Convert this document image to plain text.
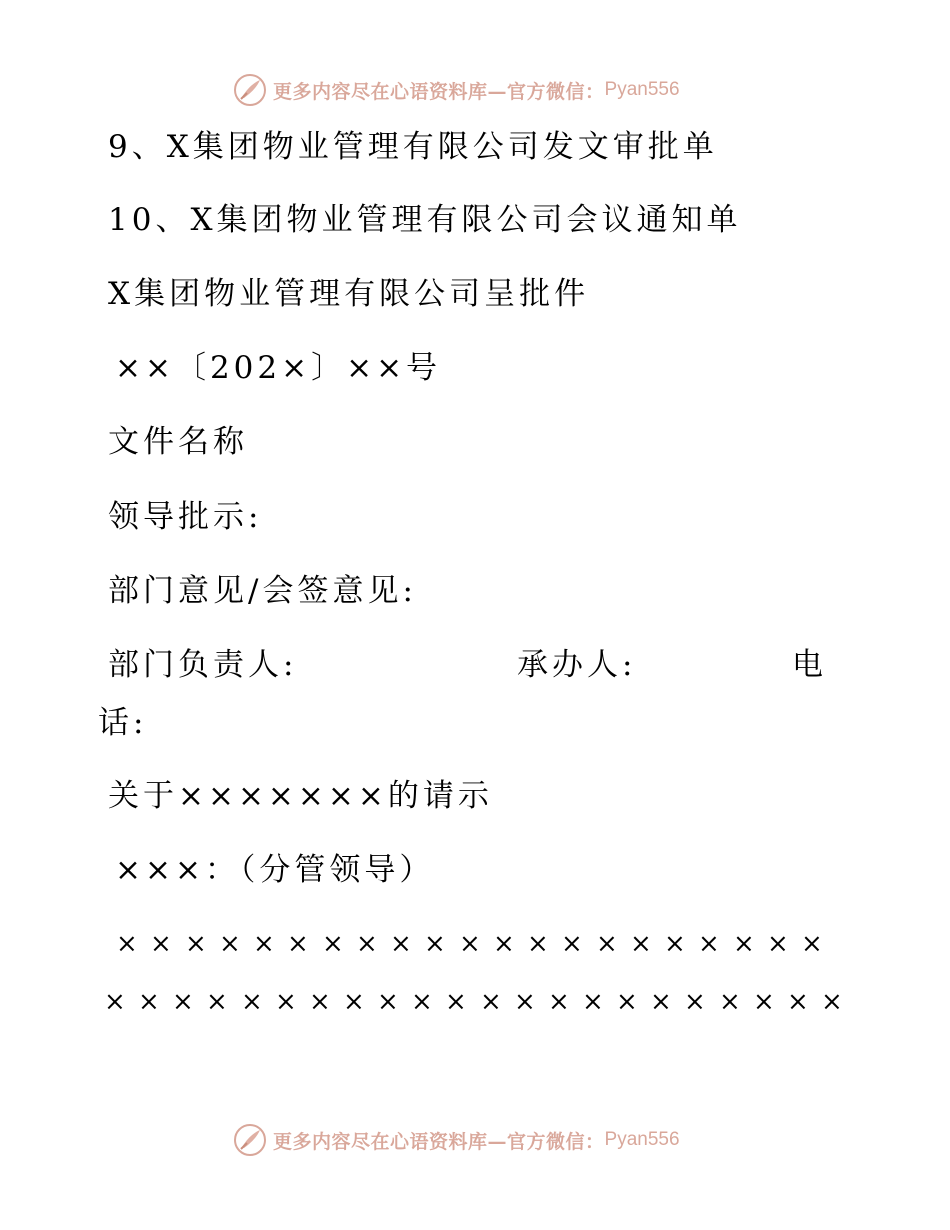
更多内容尽在心语资料库—官方微信： Pyan556
9、X集团物业管理有限公司发文审批单
10、X集团物业管理有限公司会议通知单
X集团物业管理有限公司呈批件
××〔202×〕××号
文件名称
领导批示:
部门意见/会签意见:
部门负责人:	承办人:	电
话:
关于×××××××的请示
×××：（分管领导）
× × × × × × × × × × × × × × × × × × × × ×
× × × × × × × × × × × × × × × × × × × × × ×
更多内容尽在心语资料库—官方微信： Pyan556
